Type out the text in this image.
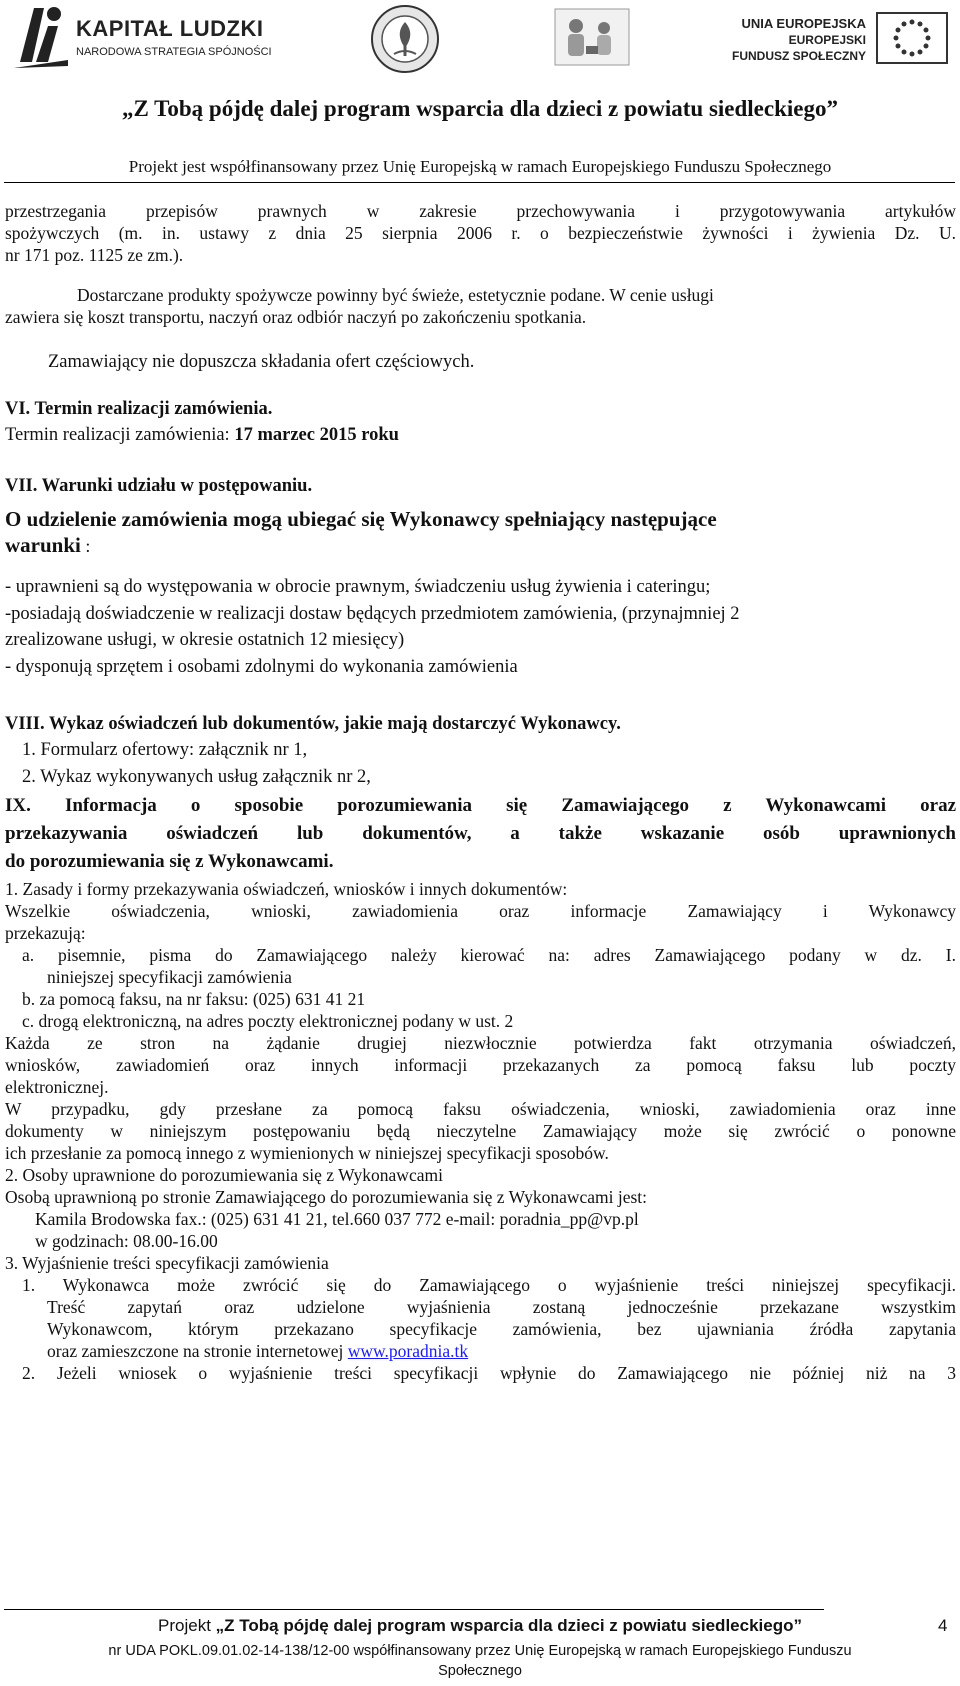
KAPITAŁ LUDZKI
NARODOWA STRATEGIA SPÓJNOŚCI
UNIA EUROPEJSKA
EUROPEJSKI
FUNDUSZ SPOŁECZNY
„Z Tobą pójdę dalej program wsparcia dla dzieci z powiatu siedleckiego”
Projekt jest współfinansowany przez Unię Europejską w ramach Europejskiego Funduszu Społecznego
przestrzegania przepisów prawnych w zakresie przechowywania i przygotowywania artykułów
spożywczych (m. in. ustawy z dnia 25 sierpnia 2006 r. o bezpieczeństwie żywności i żywienia Dz. U.
nr 171 poz. 1125 ze zm.).
Dostarczane produkty spożywcze powinny być świeże, estetycznie podane. W cenie usługi
zawiera się koszt transportu, naczyń oraz odbiór naczyń po zakończeniu spotkania.
Zamawiający nie dopuszcza składania ofert częściowych.
VI. Termin realizacji zamówienia.
Termin realizacji zamówienia: 17 marzec 2015 roku
VII. Warunki udziału w postępowaniu.
O udzielenie zamówienia mogą ubiegać się Wykonawcy spełniający następujące
warunki :
- uprawnieni są do występowania w obrocie prawnym, świadczeniu usług żywienia i cateringu;
-posiadają doświadczenie w realizacji dostaw będących przedmiotem zamówienia, (przynajmniej 2
zrealizowane usługi, w okresie ostatnich 12 miesięcy)
- dysponują sprzętem i osobami zdolnymi do wykonania zamówienia
VIII. Wykaz oświadczeń lub dokumentów, jakie mają dostarczyć Wykonawcy.
1. Formularz ofertowy: załącznik nr 1,
2. Wykaz wykonywanych usług załącznik nr 2,
IX. Informacja o sposobie porozumiewania się Zamawiającego z Wykonawcami oraz
przekazywania oświadczeń lub dokumentów, a także wskazanie osób uprawnionych
do porozumiewania się z Wykonawcami.
1. Zasady i formy przekazywania oświadczeń, wniosków i innych dokumentów:
Wszelkie oświadczenia, wnioski, zawiadomienia oraz informacje Zamawiający i Wykonawcy
przekazują:
a. pisemnie, pisma do Zamawiającego należy kierować na: adres Zamawiającego podany w dz. I.
niniejszej specyfikacji zamówienia
b. za pomocą faksu, na nr faksu: (025) 631 41 21
c. drogą elektroniczną, na adres poczty elektronicznej podany w ust. 2
Każda ze stron na żądanie drugiej niezwłocznie potwierdza fakt otrzymania oświadczeń,
wniosków, zawiadomień oraz innych informacji przekazanych za pomocą faksu lub poczty
elektronicznej.
W przypadku, gdy przesłane za pomocą faksu oświadczenia, wnioski, zawiadomienia oraz inne
dokumenty w niniejszym postępowaniu będą nieczytelne Zamawiający może się zwrócić o ponowne
ich przesłanie za pomocą innego z wymienionych w niniejszej specyfikacji sposobów.
2. Osoby uprawnione do porozumiewania się z Wykonawcami
Osobą uprawnioną po stronie Zamawiającego do porozumiewania się z Wykonawcami jest:
Kamila Brodowska fax.: (025) 631 41 21, tel.660 037 772 e-mail: poradnia_pp@vp.pl
w godzinach: 08.00-16.00
3. Wyjaśnienie treści specyfikacji zamówienia
1. Wykonawca może zwrócić się do Zamawiającego o wyjaśnienie treści niniejszej specyfikacji.
Treść zapytań oraz udzielone wyjaśnienia zostaną jednocześnie przekazane wszystkim
Wykonawcom, którym przekazano specyfikacje zamówienia, bez ujawniania źródła zapytania
oraz zamieszczone na stronie internetowej www.poradnia.tk
2. Jeżeli wniosek o wyjaśnienie treści specyfikacji wpłynie do Zamawiającego nie później niż na 3
Projekt „Z Tobą pójdę dalej program wsparcia dla dzieci z powiatu siedleckiego”	4
nr UDA POKL.09.01.02-14-138/12-00 współfinansowany przez Unię Europejską w ramach Europejskiego Funduszu
Społecznego
